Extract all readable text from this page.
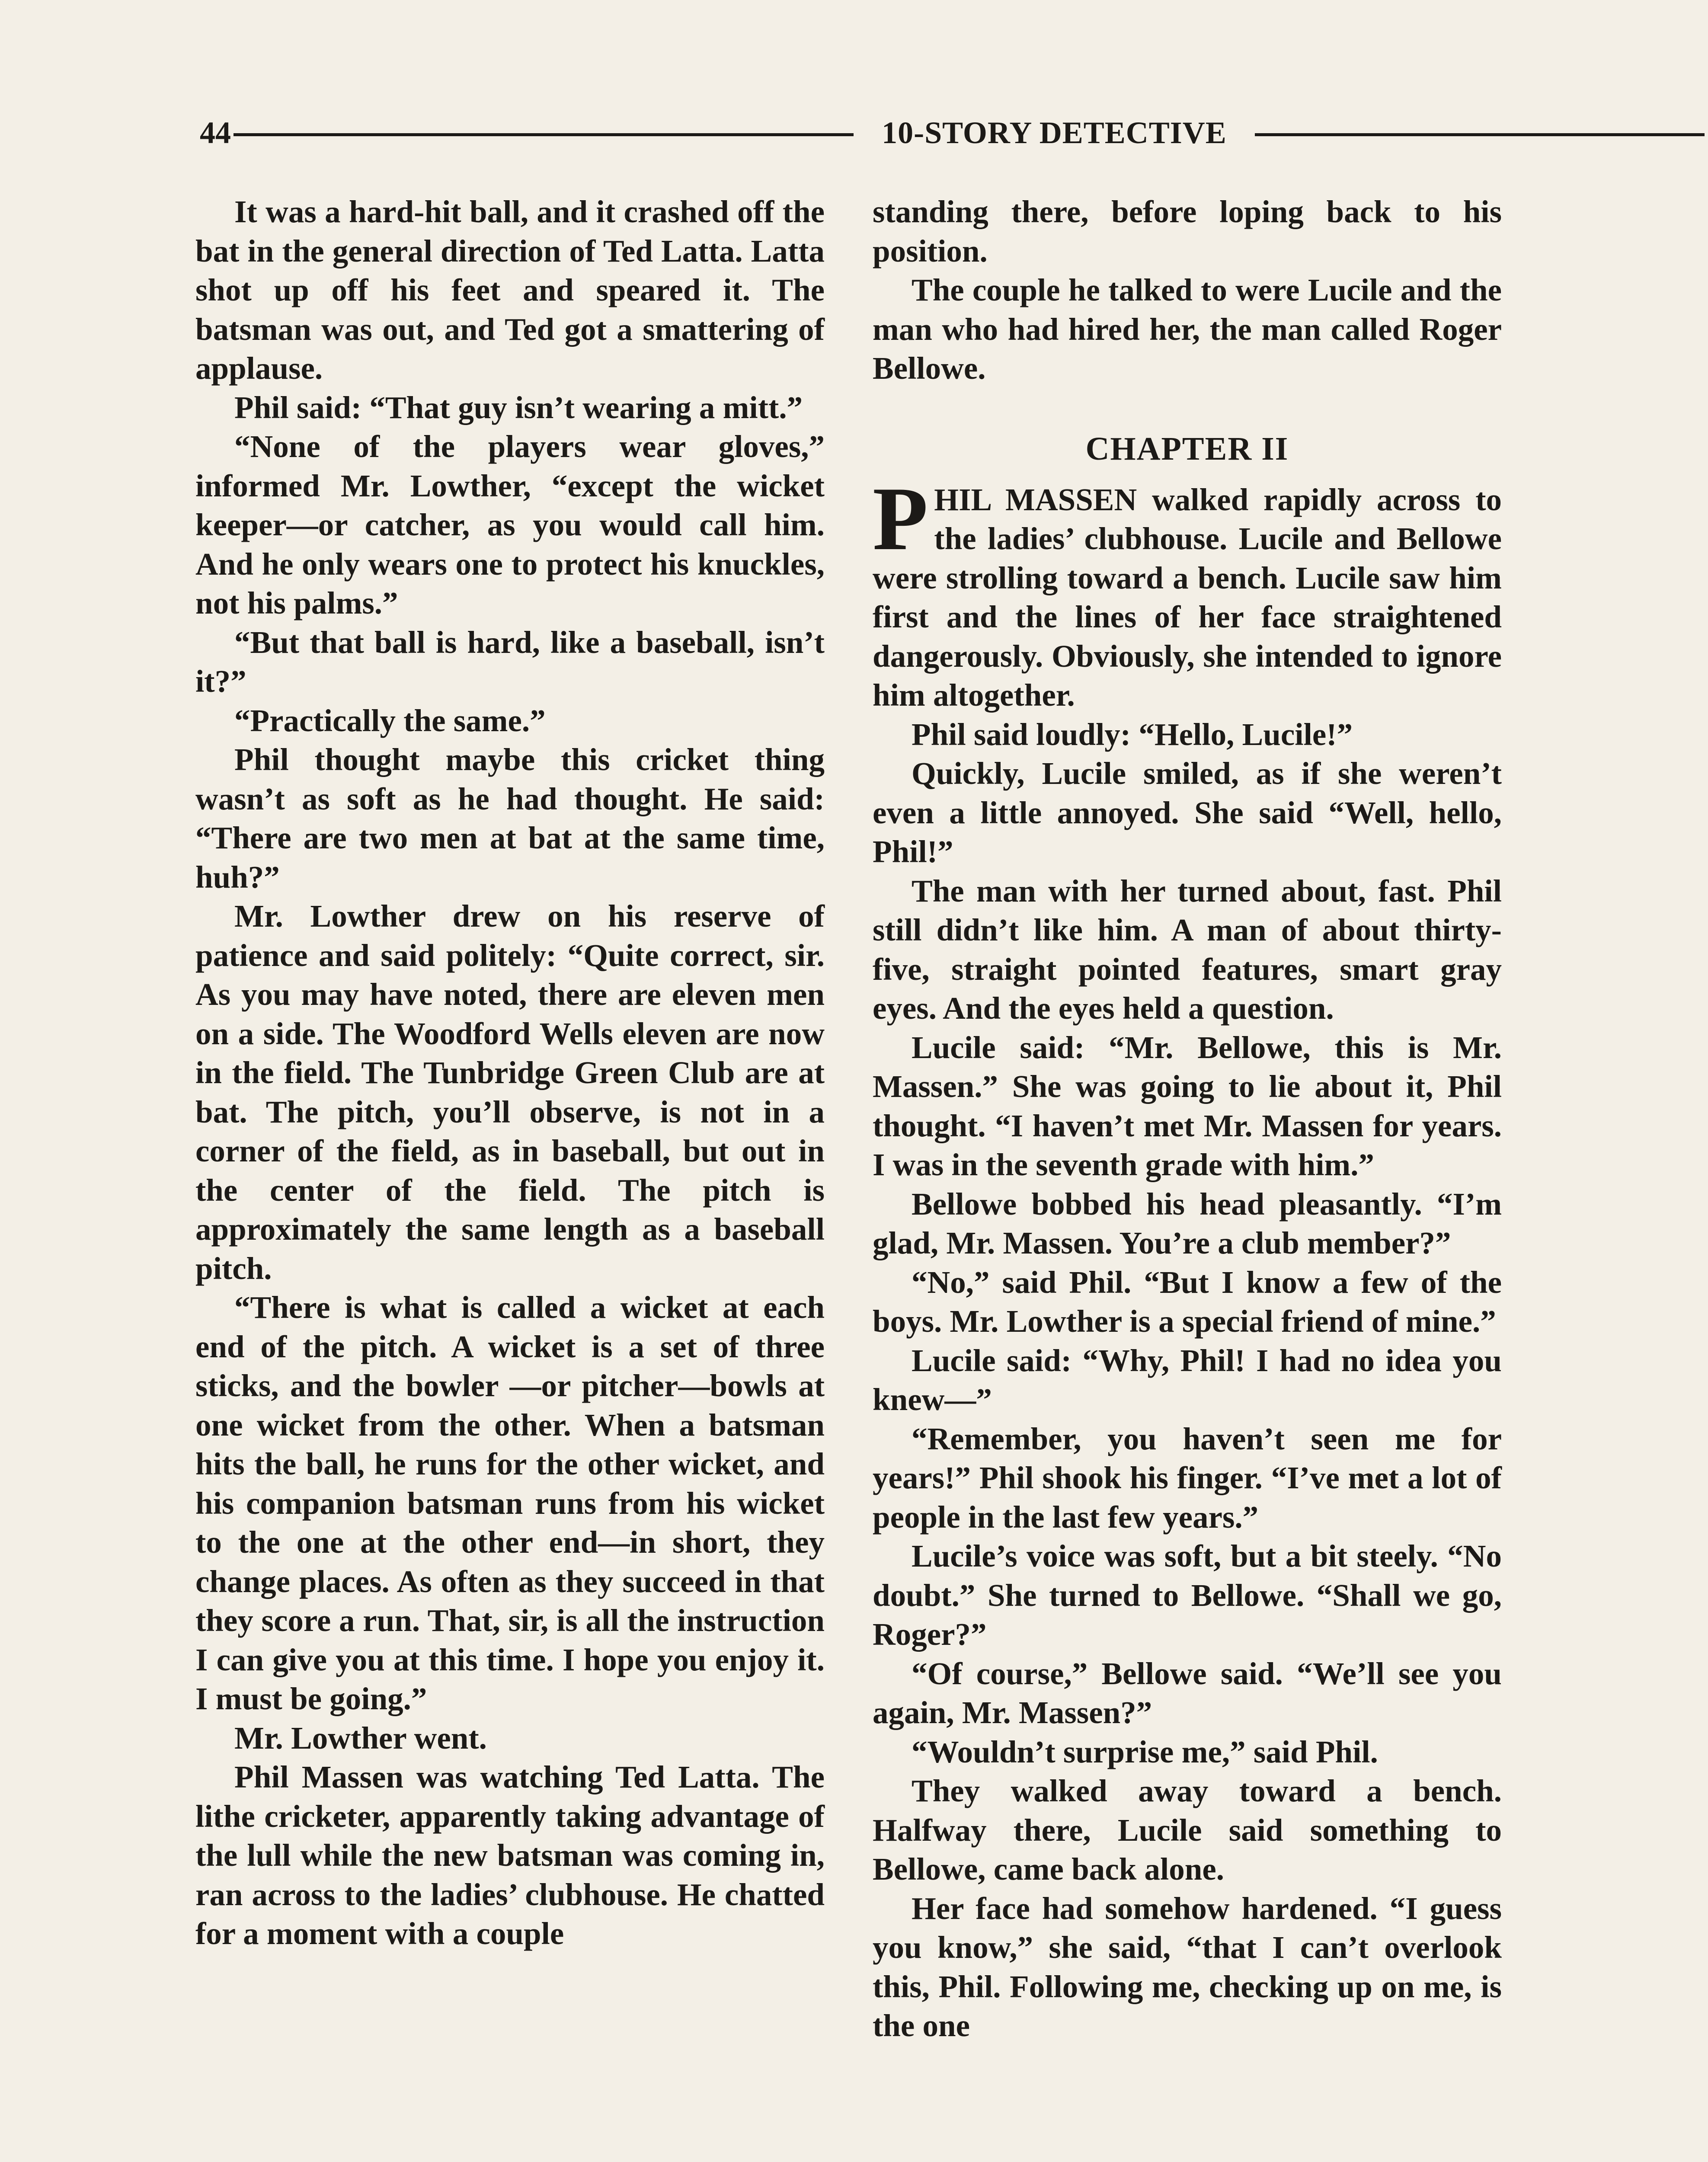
44	10-STORY DETECTIVE

It was a hard-hit ball, and it crashed off the bat in the general direction of Ted Latta. Latta shot up off his feet and speared it. The batsman was out, and Ted got a smattering of applause.

Phil said: “That guy isn’t wearing a mitt.”

“None of the players wear gloves,” informed Mr. Lowther, “except the wicket keeper—or catcher, as you would call him. And he only wears one to protect his knuckles, not his palms.”

“But that ball is hard, like a baseball, isn’t it?”

“Practically the same.”

Phil thought maybe this cricket thing wasn’t as soft as he had thought. He said: “There are two men at bat at the same time, huh?”

Mr. Lowther drew on his reserve of patience and said politely: “Quite correct, sir. As you may have noted, there are eleven men on a side. The Woodford Wells eleven are now in the field. The Tunbridge Green Club are at bat. The pitch, you’ll observe, is not in a corner of the field, as in baseball, but out in the center of the field. The pitch is approximately the same length as a baseball pitch.

“There is what is called a wicket at each end of the pitch. A wicket is a set of three sticks, and the bowler —or pitcher—bowls at one wicket from the other. When a batsman hits the ball, he runs for the other wicket, and his companion batsman runs from his wicket to the one at the other end—in short, they change places. As often as they succeed in that they score a run. That, sir, is all the instruction I can give you at this time. I hope you enjoy it. I must be going.”

Mr. Lowther went.

Phil Massen was watching Ted Latta. The lithe cricketer, apparently taking advantage of the lull while the new batsman was coming in, ran across to the ladies’ clubhouse. He chatted for a moment with a couple

standing there, before loping back to his position.

The couple he talked to were Lucile and the man who had hired her, the man called Roger Bellowe.

CHAPTER II

PHIL MASSEN walked rapidly across to the ladies’ clubhouse. Lucile and Bellowe were strolling toward a bench. Lucile saw him first and the lines of her face straightened dangerously. Obviously, she intended to ignore him altogether.

Phil said loudly: “Hello, Lucile!”

Quickly, Lucile smiled, as if she weren’t even a little annoyed. She said “Well, hello, Phil!”

The man with her turned about, fast. Phil still didn’t like him. A man of about thirty-five, straight pointed features, smart gray eyes. And the eyes held a question.

Lucile said: “Mr. Bellowe, this is Mr. Massen.” She was going to lie about it, Phil thought. “I haven’t met Mr. Massen for years. I was in the seventh grade with him.”

Bellowe bobbed his head pleasantly. “I’m glad, Mr. Massen. You’re a club member?”

“No,” said Phil. “But I know a few of the boys. Mr. Lowther is a special friend of mine.”

Lucile said: “Why, Phil! I had no idea you knew—”

“Remember, you haven’t seen me for years!” Phil shook his finger. “I’ve met a lot of people in the last few years.”

Lucile’s voice was soft, but a bit steely. “No doubt.” She turned to Bellowe. “Shall we go, Roger?”

“Of course,” Bellowe said. “We’ll see you again, Mr. Massen?”

“Wouldn’t surprise me,” said Phil.

They walked away toward a bench. Halfway there, Lucile said something to Bellowe, came back alone.

Her face had somehow hardened. “I guess you know,” she said, “that I can’t overlook this, Phil. Following me, checking up on me, is the one
